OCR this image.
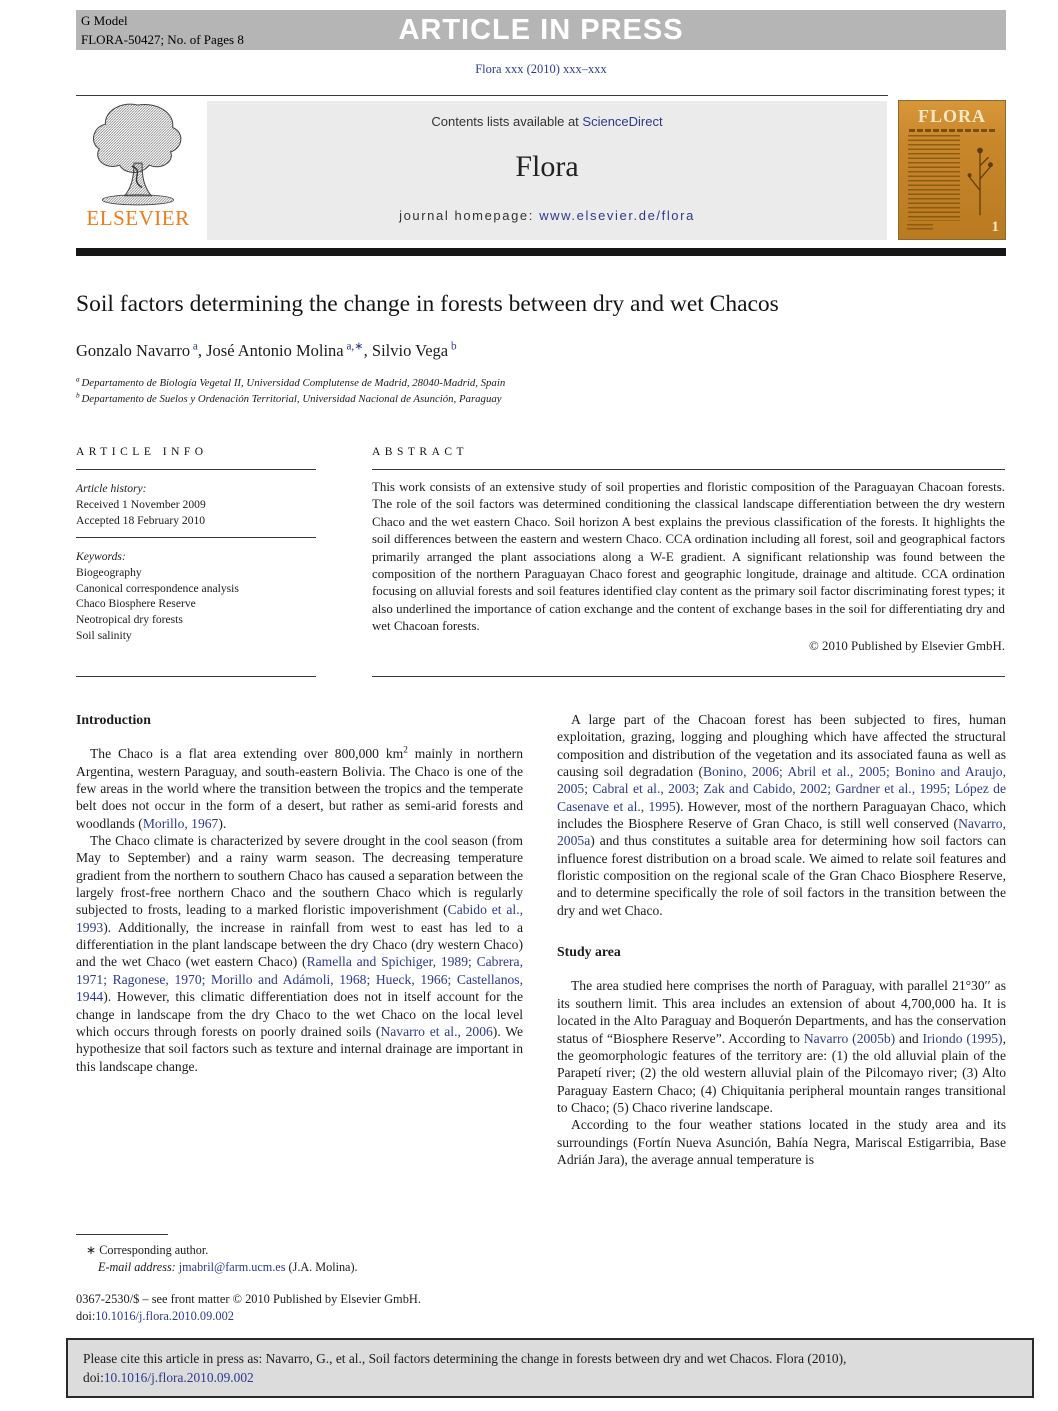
G Model
FLORA-50427; No. of Pages 8	ARTICLE IN PRESS
Flora xxx (2010) xxx–xxx
ELSEVIER
Contents lists available at ScienceDirect
Flora
journal homepage: www.elsevier.de/flora
FLORA
1
Soil factors determining the change in forests between dry and wet Chacos
Gonzalo Navarro $^a$, José Antonio Molina $^{a,∗}$, Silvio Vega $^b$
$^a$ Departamento de Biología Vegetal II, Universidad Complutense de Madrid, 28040-Madrid, Spain
$^b$ Departamento de Suelos y Ordenación Territorial, Universidad Nacional de Asunción, Paraguay
ARTICLE INFO	ABSTRACT
Article history:
Received 1 November 2009
Accepted 18 February 2010
Keywords:
Biogeography
Canonical correspondence analysis
Chaco Biosphere Reserve
Neotropical dry forests
Soil salinity
This work consists of an extensive study of soil properties and floristic composition of the Paraguayan Chacoan forests. The role of the soil factors was determined conditioning the classical landscape differentiation between the dry western Chaco and the wet eastern Chaco. Soil horizon A best explains the previous classification of the forests. It highlights the soil differences between the eastern and western Chaco. CCA ordination including all forest, soil and geographical factors primarily arranged the plant associations along a W-E gradient. A significant relationship was found between the composition of the northern Paraguayan Chaco forest and geographic longitude, drainage and altitude. CCA ordination focusing on alluvial forests and soil features identified clay content as the primary soil factor discriminating forest types; it also underlined the importance of cation exchange and the content of exchange bases in the soil for differentiating dry and wet Chacoan forests.
© 2010 Published by Elsevier GmbH.
Introduction

The Chaco is a flat area extending over 800,000 $km^2$ mainly in northern Argentina, western Paraguay, and south-eastern Bolivia. The Chaco is one of the few areas in the world where the transition between the tropics and the temperate belt does not occur in the form of a desert, but rather as semi-arid forests and woodlands (Morillo, 1967).

The Chaco climate is characterized by severe drought in the cool season (from May to September) and a rainy warm season. The decreasing temperature gradient from the northern to southern Chaco has caused a separation between the largely frost-free northern Chaco and the southern Chaco which is regularly subjected to frosts, leading to a marked floristic impoverishment (Cabido et al., 1993). Additionally, the increase in rainfall from west to east has led to a differentiation in the plant landscape between the dry Chaco (dry western Chaco) and the wet Chaco (wet eastern Chaco) (Ramella and Spichiger, 1989; Cabrera, 1971; Ragonese, 1970; Morillo and Adámoli, 1968; Hueck, 1966; Castellanos, 1944). However, this climatic differentiation does not in itself account for the change in landscape from the dry Chaco to the wet Chaco on the local level which occurs through forests on poorly drained soils (Navarro et al., 2006). We hypothesize that soil factors such as texture and internal drainage are important in this landscape change.

A large part of the Chacoan forest has been subjected to fires, human exploitation, grazing, logging and ploughing which have affected the structural composition and distribution of the vegetation and its associated fauna as well as causing soil degradation (Bonino, 2006; Abril et al., 2005; Bonino and Araujo, 2005; Cabral et al., 2003; Zak and Cabido, 2002; Gardner et al., 1995; López de Casenave et al., 1995). However, most of the northern Paraguayan Chaco, which includes the Biosphere Reserve of Gran Chaco, is still well conserved (Navarro, 2005a) and thus constitutes a suitable area for determining how soil factors can influence forest distribution on a broad scale. We aimed to relate soil features and floristic composition on the regional scale of the Gran Chaco Biosphere Reserve, and to determine specifically the role of soil factors in the transition between the dry and wet Chaco.

Study area

The area studied here comprises the north of Paraguay, with parallel 21°30′′ as its southern limit. This area includes an extension of about 4,700,000 ha. It is located in the Alto Paraguay and Boquerón Departments, and has the conservation status of “Biosphere Reserve”. According to Navarro (2005b) and Iriondo (1995), the geomorphologic features of the territory are: (1) the old alluvial plain of the Parapetí river; (2) the old western alluvial plain of the Pilcomayo river; (3) Alto Paraguay Eastern Chaco; (4) Chiquitania peripheral mountain ranges transitional to Chaco; (5) Chaco riverine landscape.

According to the four weather stations located in the study area and its surroundings (Fortín Nueva Asunción, Bahía Negra, Mariscal Estigarribia, Base Adrián Jara), the average annual temperature is

∗ Corresponding author.
E-mail address: jmabril@farm.ucm.es (J.A. Molina).
0367-2530/$ – see front matter © 2010 Published by Elsevier GmbH.
doi:10.1016/j.flora.2010.09.002
Please cite this article in press as: Navarro, G., et al., Soil factors determining the change in forests between dry and wet Chacos. Flora (2010), doi:10.1016/j.flora.2010.09.002
